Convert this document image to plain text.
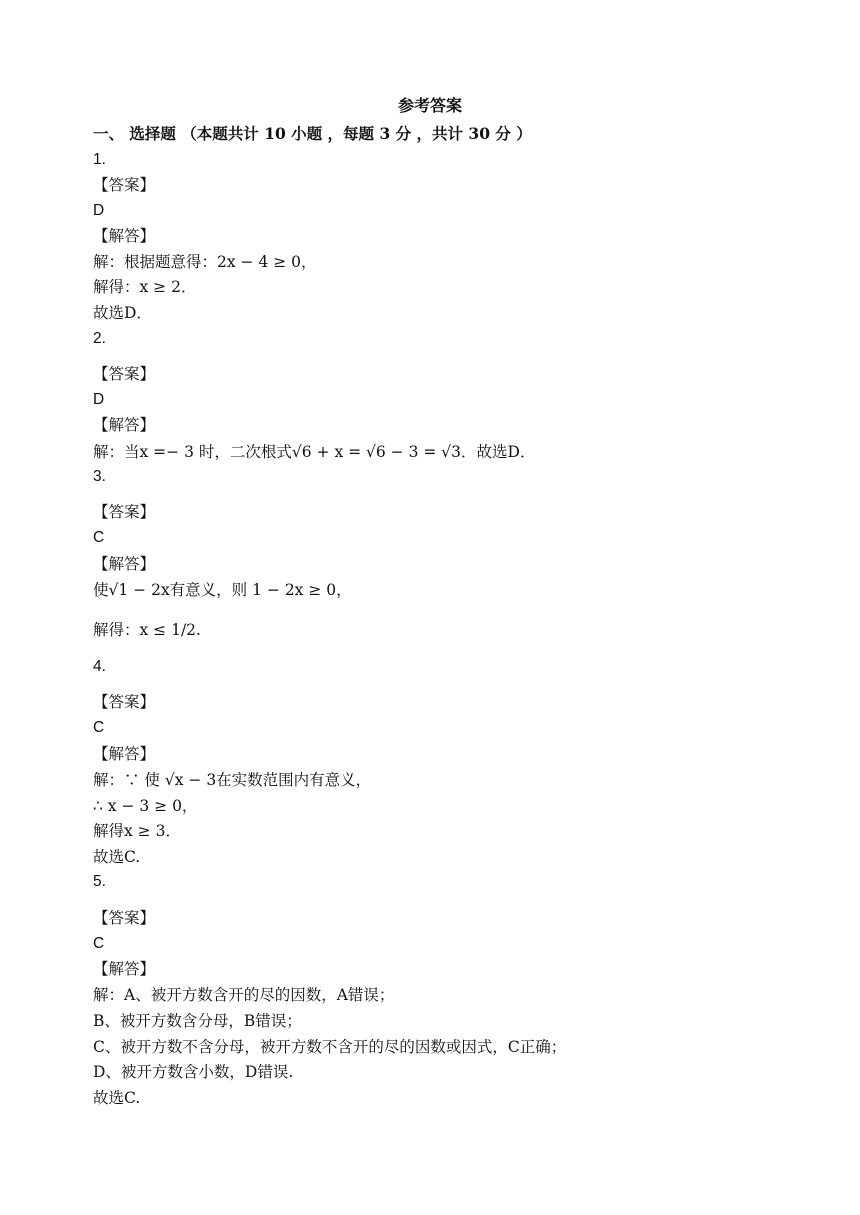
参考答案
一、 选择题 （本题共计 10 小题 ，每题 3 分 ，共计 30 分 ）
1.
【答案】
D
【解答】
解：根据题意得：2x − 4 ≥ 0，
解得：x ≥ 2．
故选D．
2.
【答案】
D
【解答】
解：当x =− 3 时，二次根式√6 + x = √6 − 3 = √3．故选D．
3.
【答案】
C
【解答】
使√1 − 2x有意义，则 1 − 2x ≥ 0，
解得：x ≤ 1/2.
4.
【答案】
C
【解答】
解：∵ 使 √x − 3在实数范围内有意义，
∴ x − 3 ≥ 0，
解得x ≥ 3．
故选C.
5.
【答案】
C
【解答】
解：A、被开方数含开的尽的因数，A错误；
B、被开方数含分母，B错误；
C、被开方数不含分母，被开方数不含开的尽的因数或因式，C正确；
D、被开方数含小数，D错误.
故选C.
